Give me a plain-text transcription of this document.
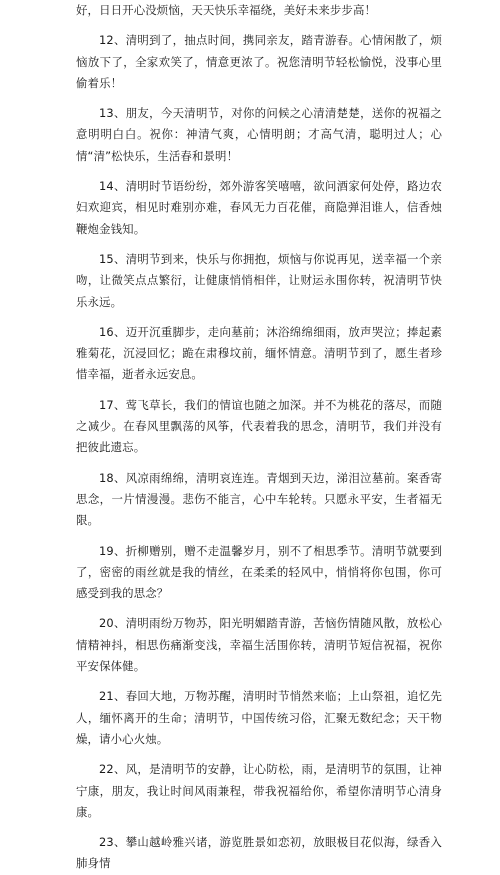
好，日日开心没烦恼，天天快乐幸福绕，美好未来步步高！

12、清明到了，抽点时间，携同亲友，踏青游春。心情闲散了，烦恼放下了，全家欢笑了，情意更浓了。祝您清明节轻松愉悦，没事心里偷着乐！

13、朋友，今天清明节，对你的问候之心清清楚楚，送你的祝福之意明明白白。祝你：神清气爽，心情明朗；才高气清，聪明过人；心情“清”松快乐，生活春和景明！

14、清明时节语纷纷，郊外游客笑嘻嘻，欲问酒家何处停，路边农妇欢迎宾，相见时难别亦难，春风无力百花催，商隐弹泪谁人，信香烛鞭炮金钱知。

15、清明节到来，快乐与你拥抱，烦恼与你说再见，送幸福一个亲吻，让微笑点点繁衍，让健康悄悄相伴，让财运永围你转，祝清明节快乐永远。

16、迈开沉重脚步，走向墓前；沐浴绵绵细雨，放声哭泣；捧起素雅菊花，沉浸回忆；跪在肃穆坟前，缅怀情意。清明节到了，愿生者珍惜幸福，逝者永远安息。

17、莺飞草长，我们的情谊也随之加深。并不为桃花的落尽，而随之减少。在春风里飘荡的风筝，代表着我的思念，清明节，我们并没有把彼此遗忘。

18、风凉雨绵绵，清明哀连连。青烟到天边，涕泪泣墓前。案香寄思念，一片情漫漫。悲伤不能言，心中车轮转。只愿永平安，生者福无限。

19、折柳赠别，赠不走温馨岁月，别不了相思季节。清明节就要到了，密密的雨丝就是我的情丝，在柔柔的轻风中，悄悄将你包围，你可感受到我的思念？

20、清明雨纷万物苏，阳光明媚踏青游，苦恼伤情随风散，放松心情精神抖，相思伤痛渐变浅，幸福生活围你转，清明节短信祝福，祝你平安保体健。

21、春回大地，万物苏醒，清明时节悄然来临；上山祭祖，追忆先人，缅怀离开的生命；清明节，中国传统习俗，汇聚无数纪念；天干物燥，请小心火烛。

22、风，是清明节的安静，让心防松，雨，是清明节的氛围，让神宁康，朋友，我让时间风雨兼程，带我祝福给你，希望你清明节心清身康。

23、攀山越岭雅兴诸，游览胜景如恋初，放眼极目花似海，绿香入肺身情
